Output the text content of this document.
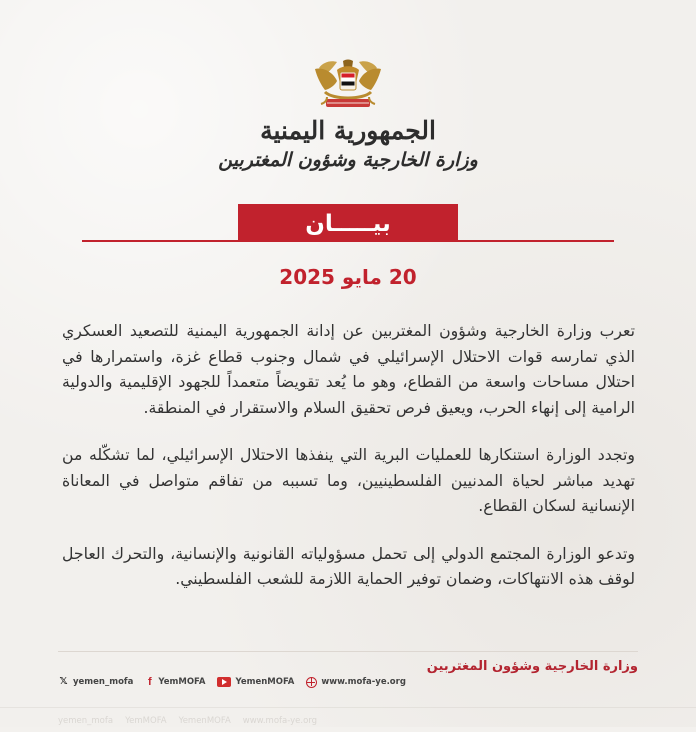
الجمهورية اليمنية
وزارة الخارجية وشؤون المغتربين
بيـــــان
20 مايو 2025

تعرب وزارة الخارجية وشؤون المغتربين عن إدانة الجمهورية اليمنية للتصعيد العسكري الذي تمارسه قوات الاحتلال الإسرائيلي في شمال وجنوب قطاع غزة، واستمرارها في احتلال مساحات واسعة من القطاع، وهو ما يُعد تقويضاً متعمداً للجهود الإقليمية والدولية الرامية إلى إنهاء الحرب، ويعيق فرص تحقيق السلام والاستقرار في المنطقة.

وتجدد الوزارة استنكارها للعمليات البرية التي ينفذها الاحتلال الإسرائيلي، لما تشكّله من تهديد مباشر لحياة المدنيين الفلسطينيين، وما تسببه من تفاقم متواصل في المعاناة الإنسانية لسكان القطاع.

وتدعو الوزارة المجتمع الدولي إلى تحمل مسؤولياته القانونية والإنسانية، والتحرك العاجل لوقف هذه الانتهاكات، وضمان توفير الحماية اللازمة للشعب الفلسطيني.

وزارة الخارجية وشؤون المغتربين
𝕏 yemen_mofa f YemMOFA	YemenMOFA	www.mofa-ye.org
yemen_mofa YemMOFA YemenMOFA www.mofa-ye.org
